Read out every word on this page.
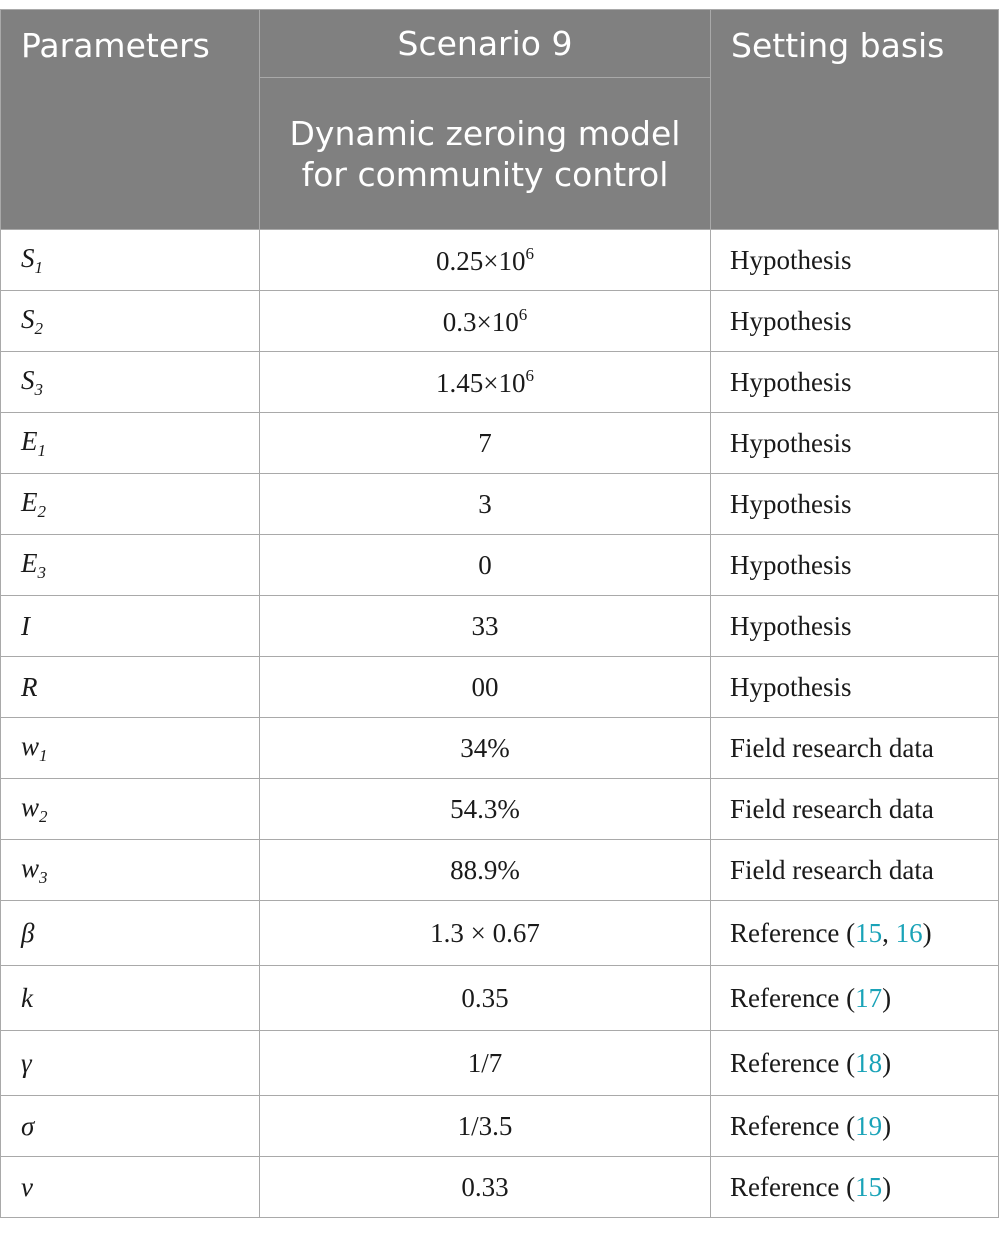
Parameters	Scenario 9	Setting basis
	Dynamic zeroing model for community control	
$S_1$	$0.25\times 10^6$	Hypothesis
$S_2$	$0.3\times 10^6$	Hypothesis
$S_3$	$1.45\times 10^6$	Hypothesis
$E_1$	7	Hypothesis
$E_2$	3	Hypothesis
$E_3$	0	Hypothesis
I	33	Hypothesis
R	00	Hypothesis
$w_1$	34%	Field research data
$w_2$	54.3%	Field research data
$w_3$	88.9%	Field research data
β	1.3 × 0.67	Reference (15, 16)
k	0.35	Reference (17)
γ	1/7	Reference (18)
σ	1/3.5	Reference (19)
ν	0.33	Reference (15)
